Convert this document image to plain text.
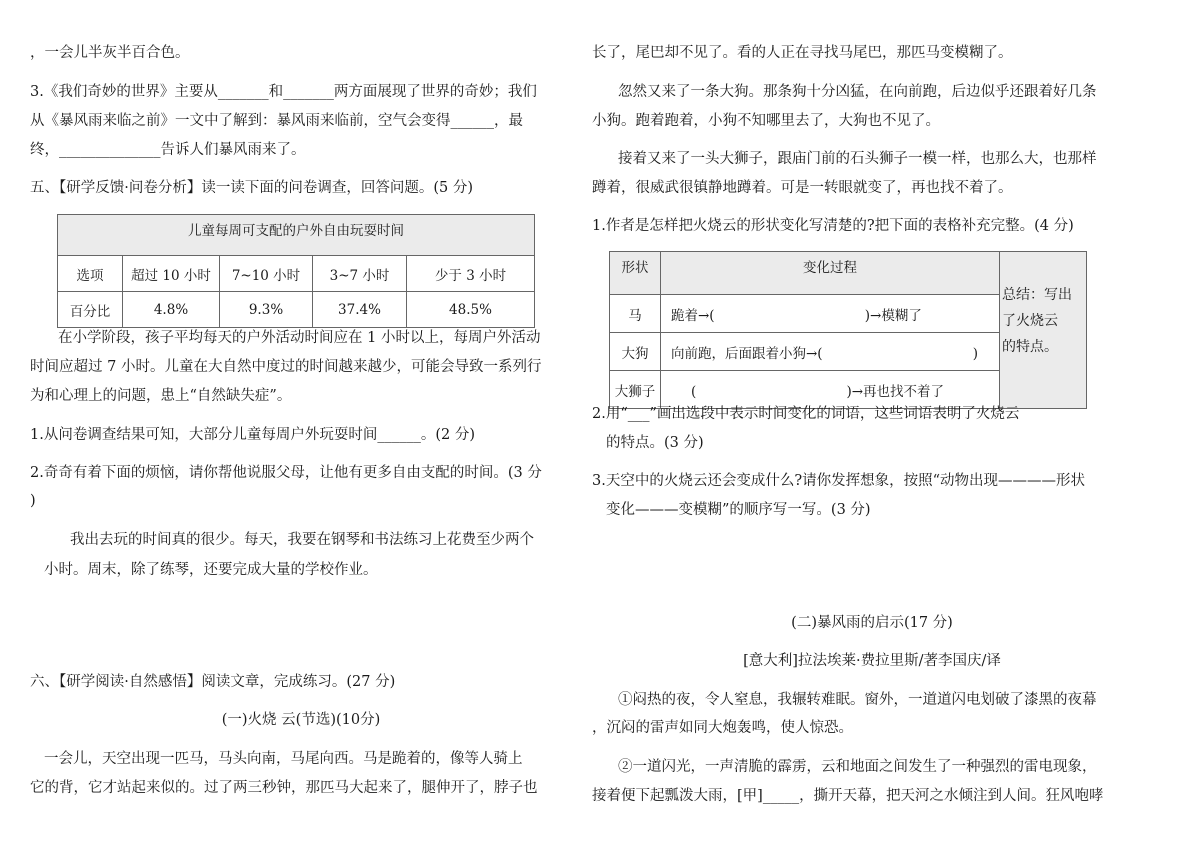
，一会儿半灰半百合色。
3.《我们奇妙的世界》主要从_______和_______两方面展现了世界的奇妙；我们
从《暴风雨来临之前》一文中了解到：暴风雨来临前，空气会变得______，最
终，______________告诉人们暴风雨来了。
五、【研学反馈·问卷分析】读一读下面的问卷调查，回答问题。(5 分)
儿童每周可支配的户外自由玩耍时间				
选项	超过 10 小时	7~10 小时	3~7 小时	少于 3 小时
百分比	4.8%	9.3%	37.4%	48.5%
在小学阶段，孩子平均每天的户外活动时间应在 1 小时以上，每周户外活动
时间应超过 7 小时。儿童在大自然中度过的时间越来越少，可能会导致一系列行
为和心理上的问题，患上“自然缺失症”。
1.从问卷调查结果可知，大部分儿童每周户外玩耍时间______。(2 分)
2.奇奇有着下面的烦恼，请你帮他说服父母，让他有更多自由支配的时间。(3 分
)
我出去玩的时间真的很少。每天，我要在钢琴和书法练习上花费至少两个
小时。周末，除了练琴，还要完成大量的学校作业。
六、【研学阅读·自然感悟】阅读文章，完成练习。(27 分)
(一)火烧 云(节选)(10分)
一会儿，天空出现一匹马，马头向南，马尾向西。马是跪着的，像等人骑上
它的背，它才站起来似的。过了两三秒钟，那匹马大起来了，腿伸开了，脖子也
长了，尾巴却不见了。看的人正在寻找马尾巴，那匹马变模糊了。
忽然又来了一条大狗。那条狗十分凶猛，在向前跑，后边似乎还跟着好几条
小狗。跑着跑着，小狗不知哪里去了，大狗也不见了。
接着又来了一头大狮子，跟庙门前的石头狮子一模一样，也那么大，也那样
蹲着，很威武很镇静地蹲着。可是一转眼就变了，再也找不着了。
1.作者是怎样把火烧云的形状变化写清楚的?把下面的表格补充完整。(4 分)
形状	变化过程	总结：写出
了火烧云
的特点。

马	跪着→(                                   )→模糊了	
大狗	向前跑，后面跟着小狗→(                                   )	
大狮子	(                                   )→再也找不着了	
2.用“___”画出选段中表示时间变化的词语，这些词语表明了火烧云
的特点。(3 分)
3.天空中的火烧云还会变成什么?请你发挥想象，按照“动物出现————形状
变化———变模糊”的顺序写一写。(3 分)
(二)暴风雨的启示(17 分)
[意大利]拉法埃莱·费拉里斯/著李国庆/译
①闷热的夜，令人窒息，我辗转难眠。窗外，一道道闪电划破了漆黑的夜幕
，沉闷的雷声如同大炮轰鸣，使人惊恐。
②一道闪光，一声清脆的霹雳，云和地面之间发生了一种强烈的雷电现象，
接着便下起瓢泼大雨，[甲]_____，撕开天幕，把天河之水倾注到人间。狂风咆哮
